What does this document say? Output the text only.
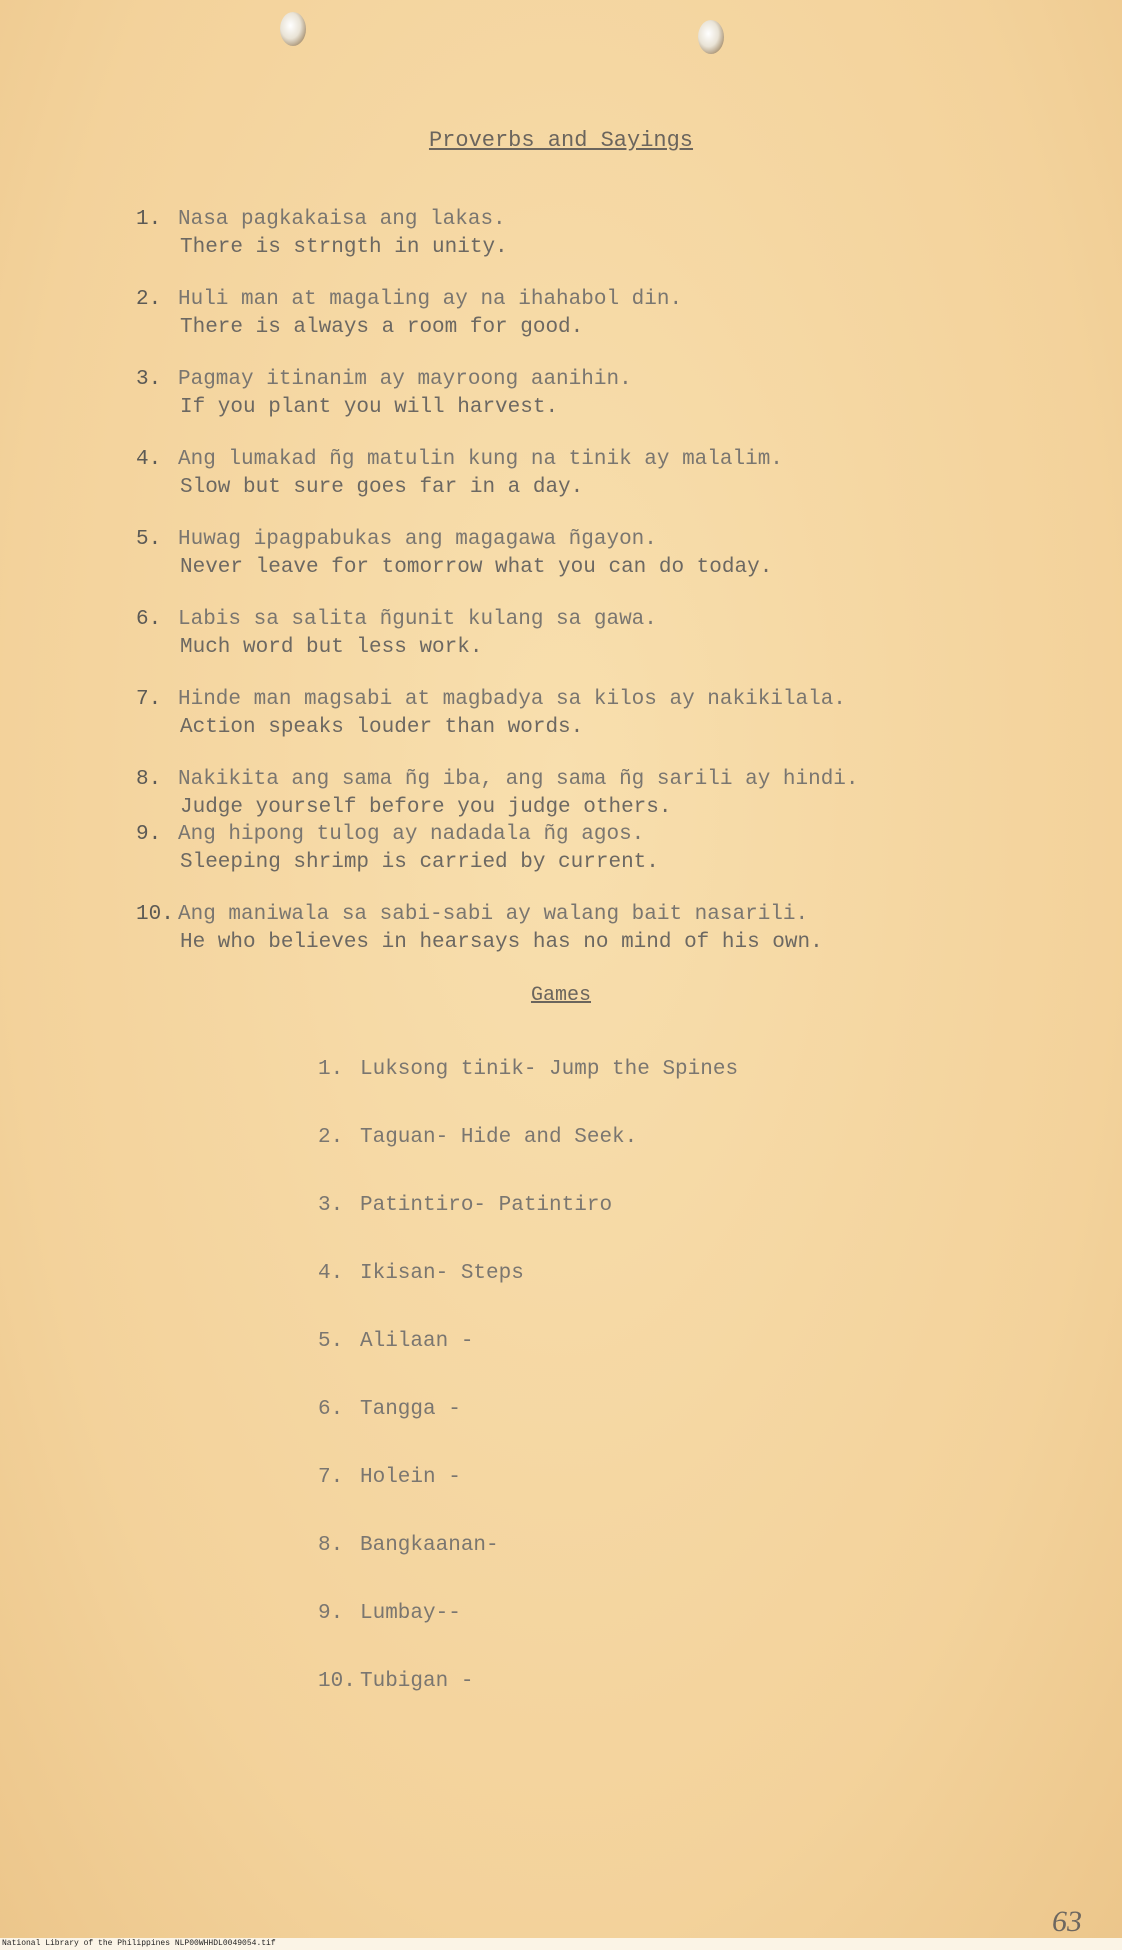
Proverbs and Sayings
1. Nasa pagkakaisa ang lakas.
There is strngth in unity.
2. Huli man at magaling ay na ihahabol din.
There is always a room for good.
3. Pagmay itinanim ay mayroong aanihin.
If you plant you will harvest.
4. Ang lumakad ñg matulin kung na tinik ay malalim.
Slow but sure goes far in a day.
5. Huwag ipagpabukas ang magagawa ñgayon.
Never leave for tomorrow what you can do today.
6. Labis sa salita ñgunit kulang sa gawa.
Much word but less work.
7. Hinde man magsabi at magbadya sa kilos ay nakikilala.
Action speaks louder than words.
8. Nakikita ang sama ñg iba, ang sama ñg sarili ay hindi.
Judge yourself before you judge others.
9. Ang hipong tulog ay nadadala ñg agos.
Sleeping shrimp is carried by current.
10. Ang maniwala sa sabi-sabi ay walang bait nasarili.
He who believes in hearsays has no mind of his own.
Games
1. Luksong tinik- Jump the Spines
2. Taguan- Hide and Seek.
3. Patintiro- Patintiro
4. Ikisan- Steps
5. Alilaan -
6. Tangga -
7. Holein -
8. Bangkaanan-
9. Lumbay--
10. Tubigan -
63
National Library of the Philippines NLP00WHHDL0049054.tif
